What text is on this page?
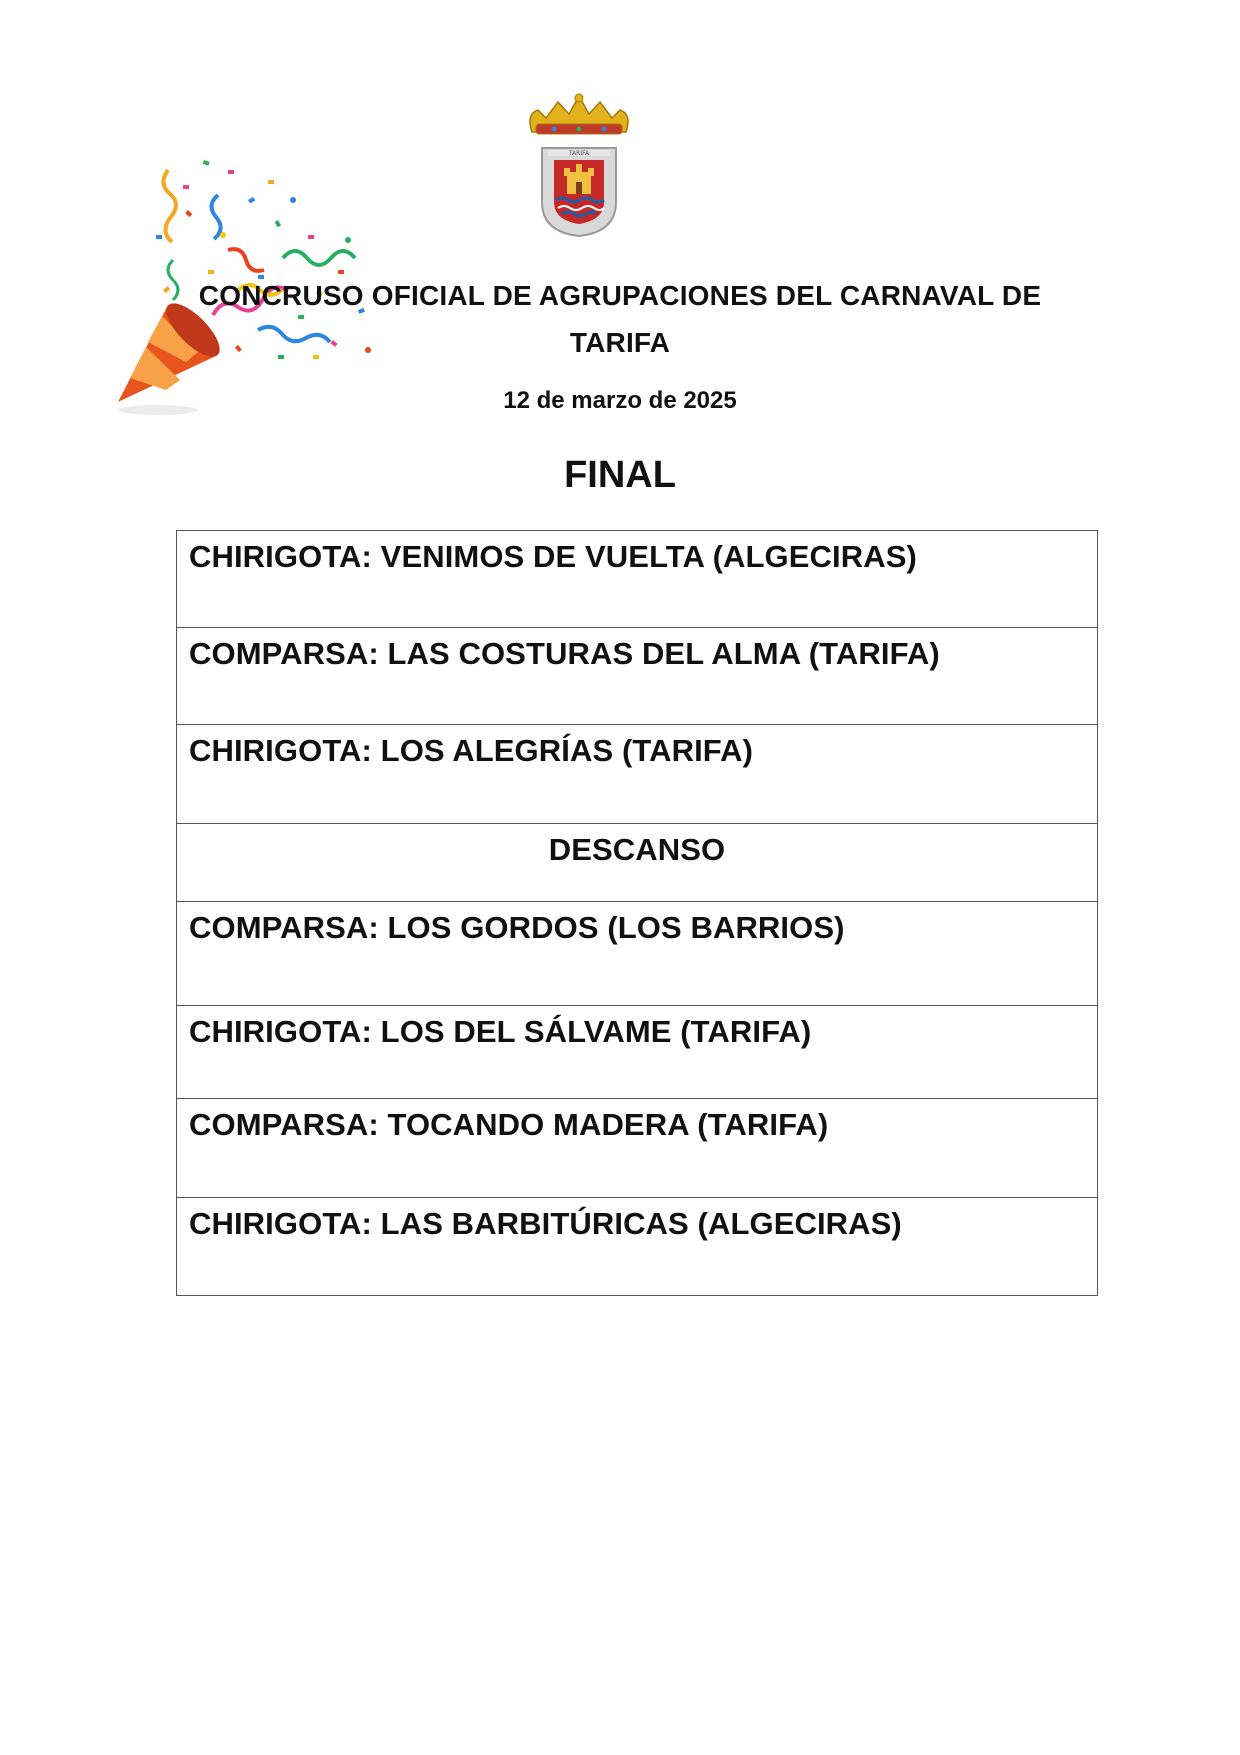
TARIFA
CONCRUSO OFICIAL DE AGRUPACIONES DEL CARNAVAL DE TARIFA
12 de marzo de 2025
FINAL
CHIRIGOTA: VENIMOS DE VUELTA (ALGECIRAS)
COMPARSA: LAS COSTURAS DEL ALMA (TARIFA)
CHIRIGOTA: LOS ALEGRÍAS (TARIFA)
DESCANSO
COMPARSA: LOS GORDOS (LOS BARRIOS)
CHIRIGOTA: LOS DEL SÁLVAME (TARIFA)
COMPARSA: TOCANDO MADERA (TARIFA)
CHIRIGOTA: LAS BARBITÚRICAS (ALGECIRAS)
